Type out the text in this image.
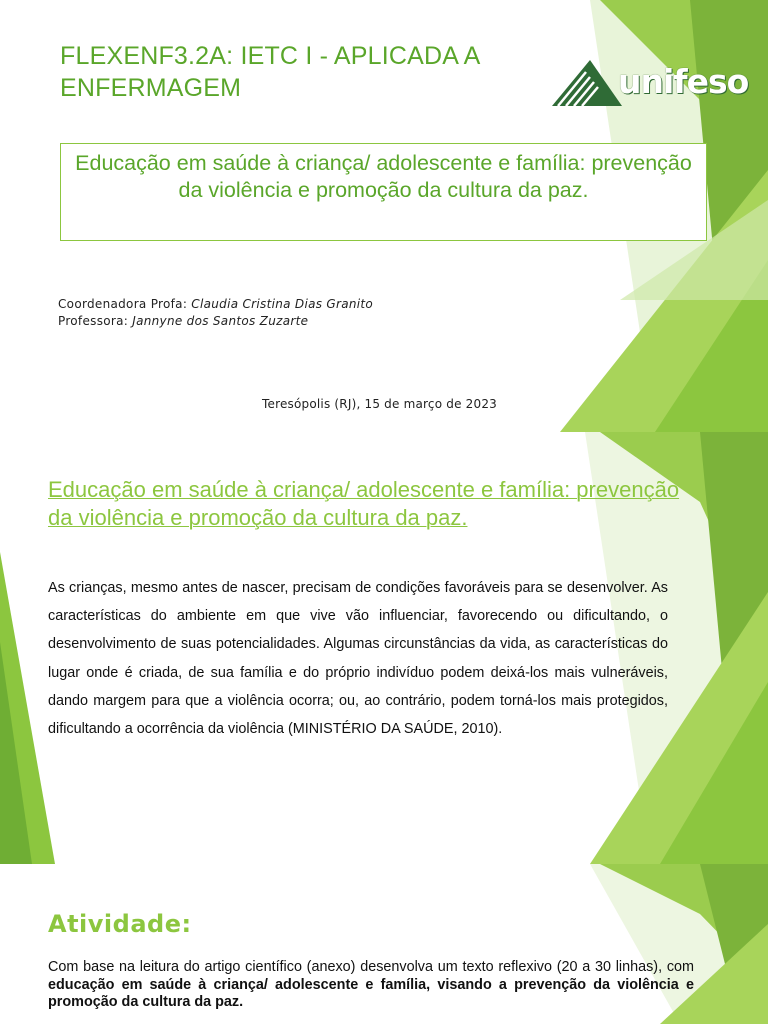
FLEXENF3.2A: IETC I - APLICADA A ENFERMAGEM	unifeso

Educação em saúde à criança/ adolescente e família: prevenção da violência e promoção da cultura da paz.

Coordenadora Profa: Claudia Cristina Dias Granito
Professora: Jannyne dos Santos Zuzarte
Teresópolis (RJ), 15 de março de 2023
Educação em saúde à criança/ adolescente e família: prevenção da violência e promoção da cultura da paz.

As crianças, mesmo antes de nascer, precisam de condições favoráveis para se desenvolver. As características do ambiente em que vive vão influenciar, favorecendo ou dificultando, o desenvolvimento de suas potencialidades. Algumas circunstâncias da vida, as características do lugar onde é criada, de sua família e do próprio indivíduo podem deixá-los mais vulneráveis, dando margem para que a violência ocorra; ou, ao contrário, podem torná-los mais protegidos, dificultando a ocorrência da violência (MINISTÉRIO DA SAÚDE, 2010).

Atividade:

Com base na leitura do artigo científico (anexo) desenvolva um texto reflexivo (20 a 30 linhas), com educação em saúde à criança/ adolescente e família, visando a prevenção da violência e promoção da cultura da paz.
